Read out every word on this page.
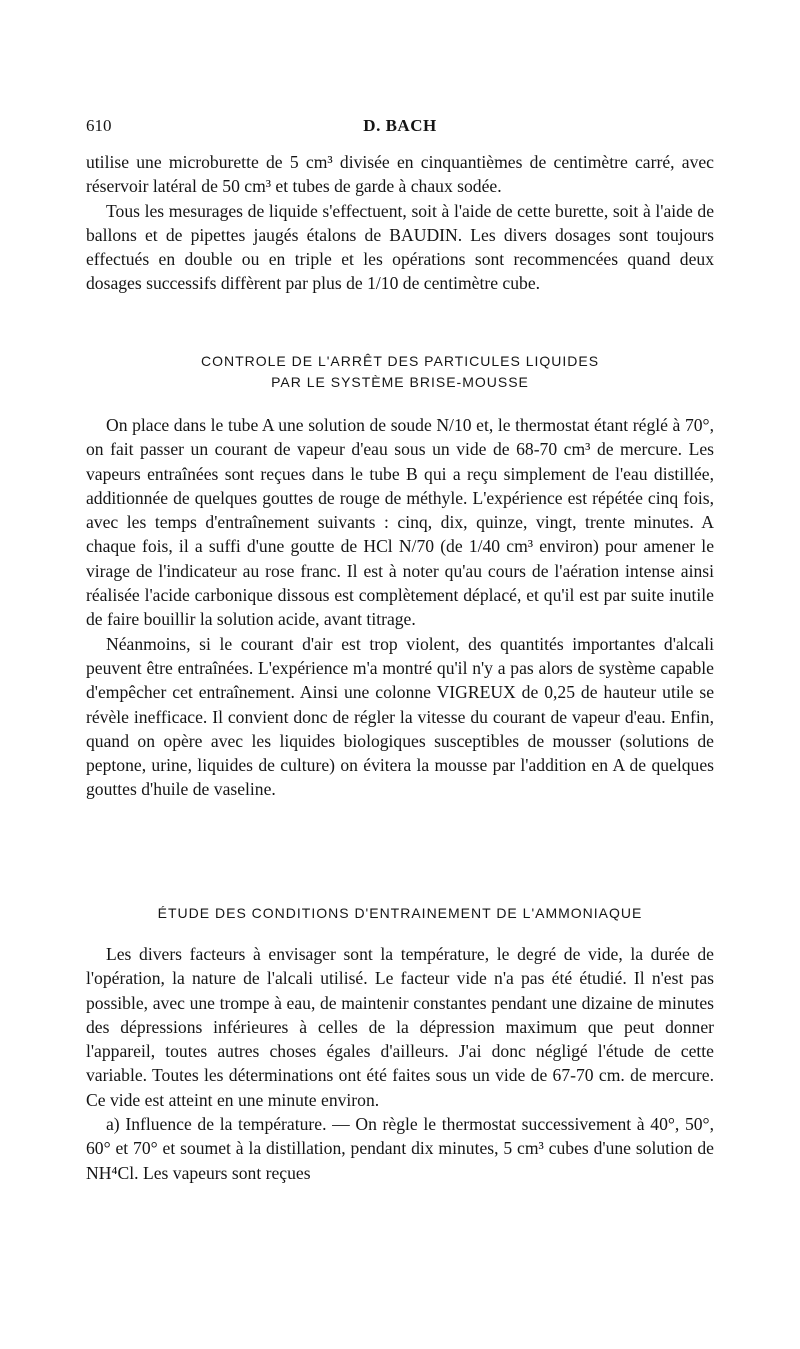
610	D. BACH

utilise une microburette de 5 cm³ divisée en cinquantièmes de centimètre carré, avec réservoir latéral de 50 cm³ et tubes de garde à chaux sodée.

Tous les mesurages de liquide s'effectuent, soit à l'aide de cette burette, soit à l'aide de ballons et de pipettes jaugés étalons de BAUDIN. Les divers dosages sont toujours effectués en double ou en triple et les opérations sont recommencées quand deux dosages successifs diffèrent par plus de 1/10 de centimètre cube.

CONTROLE DE L'ARRÊT DES PARTICULES LIQUIDES
PAR LE SYSTÈME BRISE-MOUSSE

On place dans le tube A une solution de soude N/10 et, le thermostat étant réglé à 70°, on fait passer un courant de vapeur d'eau sous un vide de 68-70 cm³ de mercure. Les vapeurs entraînées sont reçues dans le tube B qui a reçu simplement de l'eau distillée, additionnée de quelques gouttes de rouge de méthyle. L'expérience est répétée cinq fois, avec les temps d'entraînement suivants : cinq, dix, quinze, vingt, trente minutes. A chaque fois, il a suffi d'une goutte de HCl N/70 (de 1/40 cm³ environ) pour amener le virage de l'indicateur au rose franc. Il est à noter qu'au cours de l'aération intense ainsi réalisée l'acide carbonique dissous est complètement déplacé, et qu'il est par suite inutile de faire bouillir la solution acide, avant titrage.

Néanmoins, si le courant d'air est trop violent, des quantités importantes d'alcali peuvent être entraînées. L'expérience m'a montré qu'il n'y a pas alors de système capable d'empêcher cet entraînement. Ainsi une colonne VIGREUX de 0,25 de hauteur utile se révèle inefficace. Il convient donc de régler la vitesse du courant de vapeur d'eau. Enfin, quand on opère avec les liquides biologiques susceptibles de mousser (solutions de peptone, urine, liquides de culture) on évitera la mousse par l'addition en A de quelques gouttes d'huile de vaseline.

ÉTUDE DES CONDITIONS D'ENTRAINEMENT DE L'AMMONIAQUE

Les divers facteurs à envisager sont la température, le degré de vide, la durée de l'opération, la nature de l'alcali utilisé. Le facteur vide n'a pas été étudié. Il n'est pas possible, avec une trompe à eau, de maintenir constantes pendant une dizaine de minutes des dépressions inférieures à celles de la dépression maximum que peut donner l'appareil, toutes autres choses égales d'ailleurs. J'ai donc négligé l'étude de cette variable. Toutes les déterminations ont été faites sous un vide de 67-70 cm. de mercure. Ce vide est atteint en une minute environ.

a) Influence de la température. — On règle le thermostat successivement à 40°, 50°, 60° et 70° et soumet à la distillation, pendant dix minutes, 5 cm³ cubes d'une solution de NH⁴Cl. Les vapeurs sont reçues
